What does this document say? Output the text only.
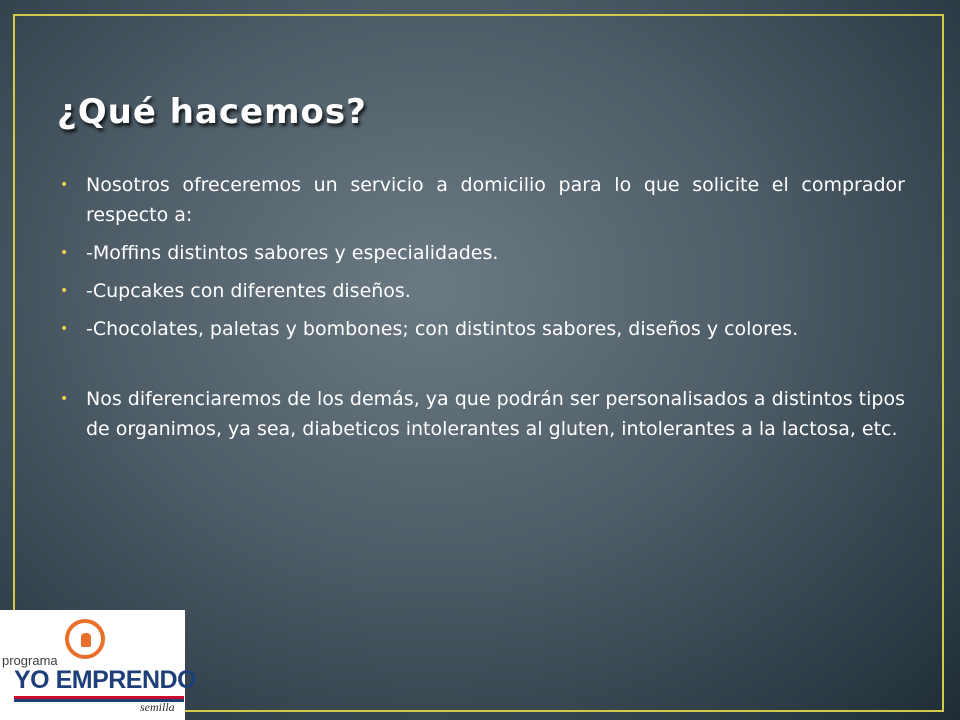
¿Qué hacemos?
• Nosotros ofreceremos un servicio a domicilio para lo que solicite el comprador respecto a:
• -Moffins distintos sabores y especialidades.
• -Cupcakes con diferentes diseños.
• -Chocolates, paletas y bombones; con distintos sabores, diseños y colores.
• Nos diferenciaremos de los demás, ya que podrán ser personalisados a distintos tipos de organimos, ya sea, diabeticos intolerantes al gluten, intolerantes a la lactosa, etc.
programa
YO EMPRENDO
semilla
